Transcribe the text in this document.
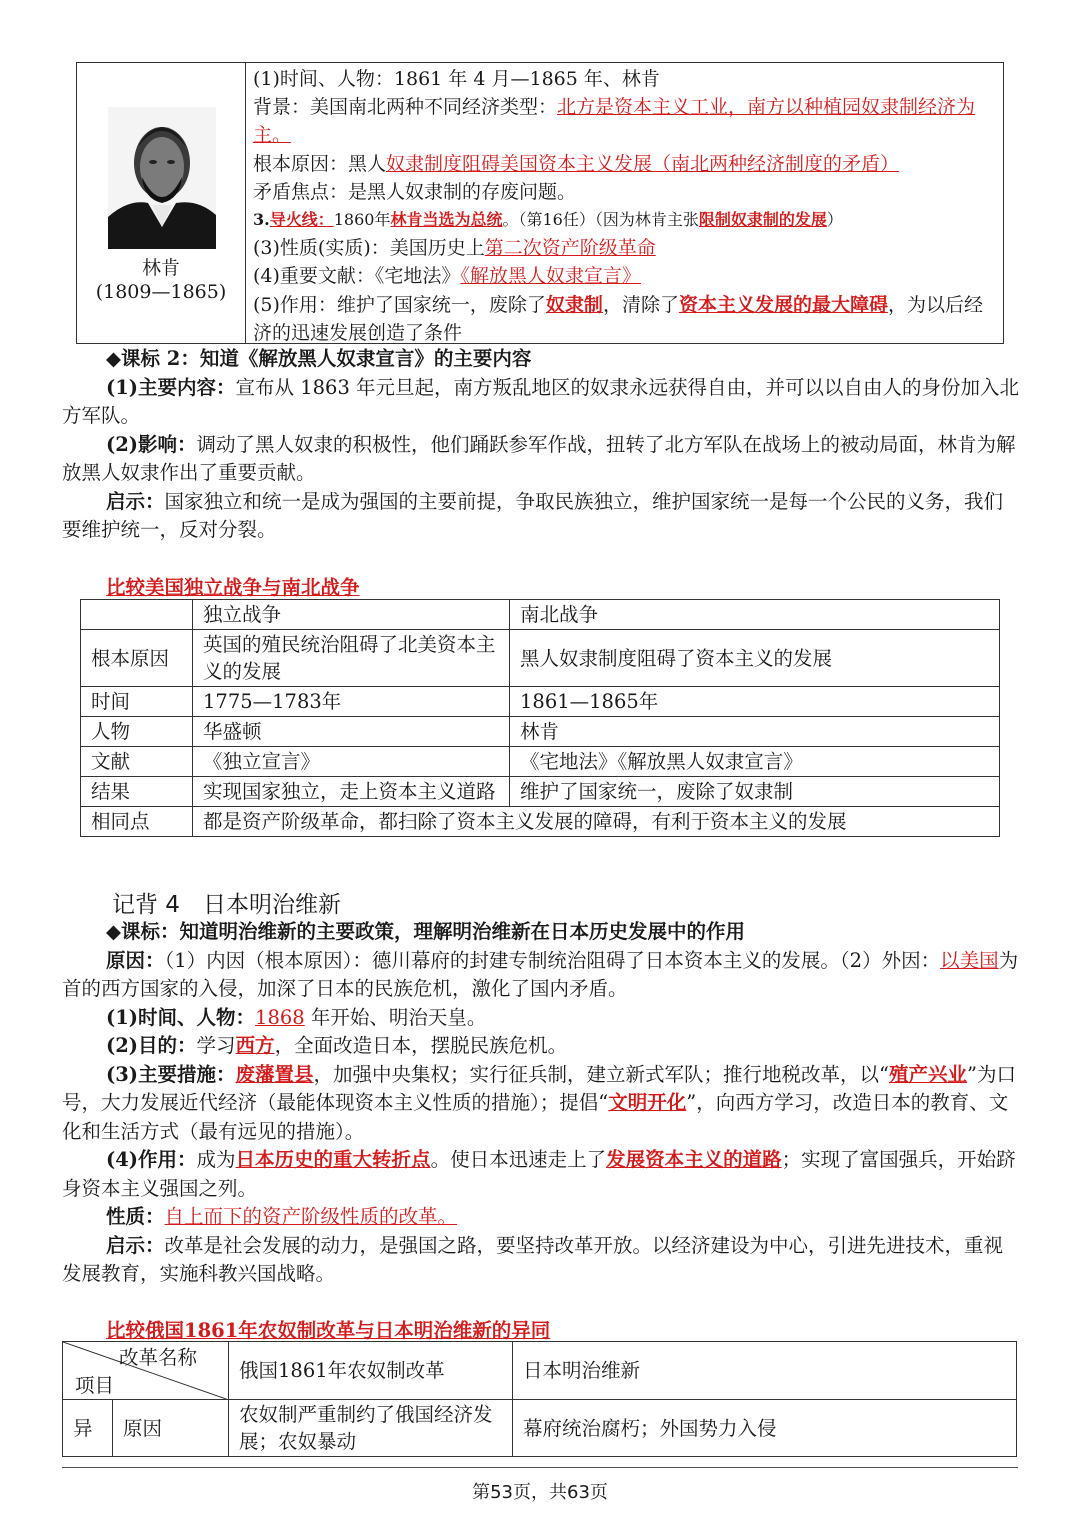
林肯
(1809—1865)
(1)时间、人物：1861 年 4 月—1865 年、林肯
背景：美国南北两种不同经济类型：北方是资本主义工业，南方以种植园奴隶制经济为主。
根本原因：黑人奴隶制度阻碍美国资本主义发展（南北两种经济制度的矛盾）
矛盾焦点：是黑人奴隶制的存废问题。
3.导火线：1860年林肯当选为总统。（第16任）（因为林肯主张限制奴隶制的发展）
(3)性质(实质)：美国历史上第二次资产阶级革命
(4)重要文献：《宅地法》《解放黑人奴隶宣言》
(5)作用：维护了国家统一，废除了奴隶制，清除了资本主义发展的最大障碍，为以后经济的迅速发展创造了条件
◆课标 2：知道《解放黑人奴隶宣言》的主要内容
(1)主要内容：宣布从 1863 年元旦起，南方叛乱地区的奴隶永远获得自由，并可以以自由人的身份加入北方军队。
(2)影响：调动了黑人奴隶的积极性，他们踊跃参军作战，扭转了北方军队在战场上的被动局面，林肯为解放黑人奴隶作出了重要贡献。
启示：国家独立和统一是成为强国的主要前提，争取民族独立，维护国家统一是每一个公民的义务，我们要维护统一，反对分裂。
比较美国独立战争与南北战争
	独立战争	南北战争
根本原因	英国的殖民统治阻碍了北美资本主义的发展	黑人奴隶制度阻碍了资本主义的发展
时间	1775—1783年	1861—1865年
人物	华盛顿	林肯
文献	《独立宣言》	《宅地法》《解放黑人奴隶宣言》
结果	实现国家独立，走上资本主义道路	维护了国家统一，废除了奴隶制
相同点	都是资产阶级革命，都扫除了资本主义发展的障碍，有利于资本主义的发展	
记背 4　日本明治维新
◆课标：知道明治维新的主要政策，理解明治维新在日本历史发展中的作用
原因：（1）内因（根本原因）：德川幕府的封建专制统治阻碍了日本资本主义的发展。（2）外因：以美国为首的西方国家的入侵，加深了日本的民族危机，激化了国内矛盾。
(1)时间、人物：1868 年开始、明治天皇。
(2)目的：学习西方，全面改造日本，摆脱民族危机。
(3)主要措施：废藩置县，加强中央集权；实行征兵制，建立新式军队；推行地税改革，以“殖产兴业”为口号，大力发展近代经济（最能体现资本主义性质的措施）；提倡“文明开化”，向西方学习，改造日本的教育、文化和生活方式（最有远见的措施）。
(4)作用：成为日本历史的重大转折点。使日本迅速走上了发展资本主义的道路；实现了富国强兵，开始跻身资本主义强国之列。
性质：自上而下的资产阶级性质的改革。
启示：改革是社会发展的动力，是强国之路，要坚持改革开放。以经济建设为中心，引进先进技术，重视发展教育，实施科教兴国战略。
比较俄国1861年农奴制改革与日本明治维新的异同
改革名称
项目		俄国1861年农奴制改革	日本明治维新
异	原因	农奴制严重制约了俄国经济发展；农奴暴动	幕府统治腐朽；外国势力入侵
第53页，共63页
